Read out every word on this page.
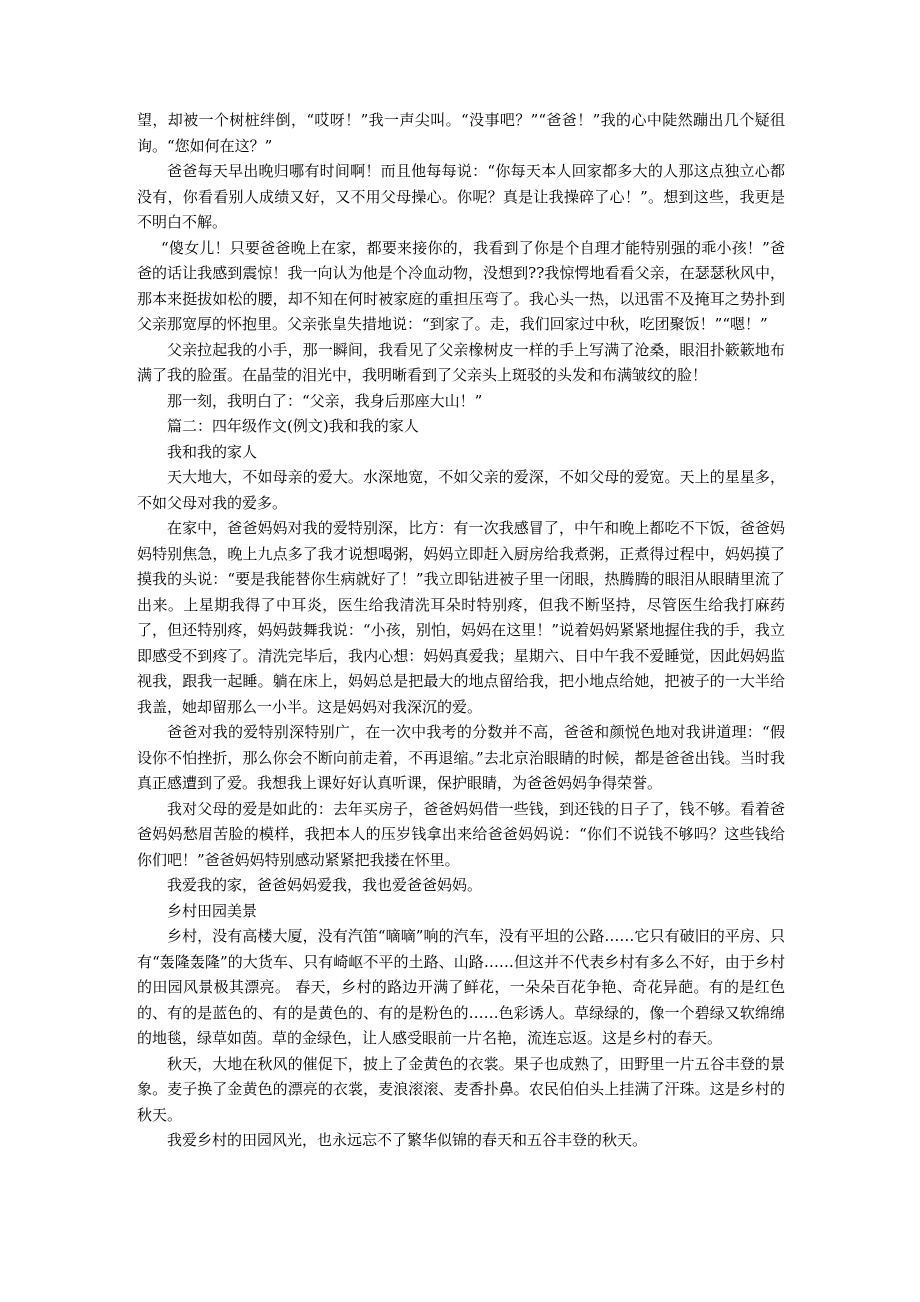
望，却被一个树桩绊倒，“哎呀！”我一声尖叫。“没事吧？”“爸爸！”我的心中陡然蹦出几个疑徂询。“您如何在这？”

爸爸每天早出晚归哪有时间啊！而且他每每说：“你每天本人回家都多大的人那这点独立心都没有，你看看别人成绩又好，又不用父母操心。你呢？真是让我操碎了心！”。想到这些，我更是不明白不解。

“傻女儿！只要爸爸晚上在家，都要来接你的，我看到了你是个自理才能特别强的乖小孩！”爸爸的话让我感到震惊！我一向认为他是个冷血动物，没想到??我惊愕地看看父亲，在瑟瑟秋风中，那本来挺拔如松的腰，却不知在何时被家庭的重担压弯了。我心头一热，以迅雷不及掩耳之势扑到父亲那宽厚的怀抱里。父亲张皇失措地说：“到家了。走，我们回家过中秋，吃团聚饭！”“嗯！”

父亲拉起我的小手，那一瞬间，我看见了父亲橡树皮一样的手上写满了沧桑，眼泪扑簌簌地布满了我的脸蛋。在晶莹的泪光中，我明晰看到了父亲头上斑驳的头发和布满皱纹的脸！

那一刻，我明白了：“父亲，我身后那座大山！”

篇二：四年级作文(例文)我和我的家人

我和我的家人

天大地大，不如母亲的爱大。水深地宽，不如父亲的爱深，不如父母的爱宽。天上的星星多，不如父母对我的爱多。

在家中，爸爸妈妈对我的爱特别深，比方：有一次我感冒了，中午和晚上都吃不下饭，爸爸妈妈特别焦急，晚上九点多了我才说想喝粥，妈妈立即赶入厨房给我煮粥，正煮得过程中，妈妈摸了摸我的头说：“要是我能替你生病就好了！”我立即钻进被子里一闭眼，热腾腾的眼泪从眼睛里流了出来。上星期我得了中耳炎，医生给我清洗耳朵时特别疼，但我不断坚持，尽管医生给我打麻药了，但还特别疼，妈妈鼓舞我说：“小孩，别怕，妈妈在这里！”说着妈妈紧紧地握住我的手，我立即感受不到疼了。清洗完毕后，我内心想：妈妈真爱我；星期六、日中午我不爱睡觉，因此妈妈监视我，跟我一起睡。躺在床上，妈妈总是把最大的地点留给我，把小地点给她，把被子的一大半给我盖，她却留那么一小半。这是妈妈对我深沉的爱。

爸爸对我的爱特别深特别广，在一次中我考的分数并不高，爸爸和颜悦色地对我讲道理：“假设你不怕挫折，那么你会不断向前走着，不再退缩。”去北京治眼睛的时候，都是爸爸出钱。当时我真正感遭到了爱。我想我上课好好认真听课，保护眼睛，为爸爸妈妈争得荣誉。

我对父母的爱是如此的：去年买房子，爸爸妈妈借一些钱，到还钱的日子了，钱不够。看着爸爸妈妈愁眉苦脸的模样，我把本人的压岁钱拿出来给爸爸妈妈说：“你们不说钱不够吗？这些钱给你们吧！”爸爸妈妈特别感动紧紧把我搂在怀里。

我爱我的家，爸爸妈妈爱我，我也爱爸爸妈妈。

乡村田园美景

乡村，没有高楼大厦，没有汽笛“嘀嘀”响的汽车，没有平坦的公路……它只有破旧的平房、只有“轰隆轰隆”的大货车、只有崎岖不平的土路、山路……但这并不代表乡村有多么不好，由于乡村的田园风景极其漂亮。 春天，乡村的路边开满了鲜花，一朵朵百花争艳、奇花异葩。有的是红色的、有的是蓝色的、有的是黄色的、有的是粉色的……色彩诱人。草绿绿的，像一个碧绿又软绵绵的地毯，绿草如茵。草的金绿色，让人感受眼前一片名艳，流连忘返。这是乡村的春天。

秋天，大地在秋风的催促下，披上了金黄色的衣裳。果子也成熟了，田野里一片五谷丰登的景象。麦子换了金黄色的漂亮的衣裳，麦浪滚滚、麦香扑鼻。农民伯伯头上挂满了汗珠。这是乡村的秋天。

我爱乡村的田园风光，也永远忘不了繁华似锦的春天和五谷丰登的秋天。
